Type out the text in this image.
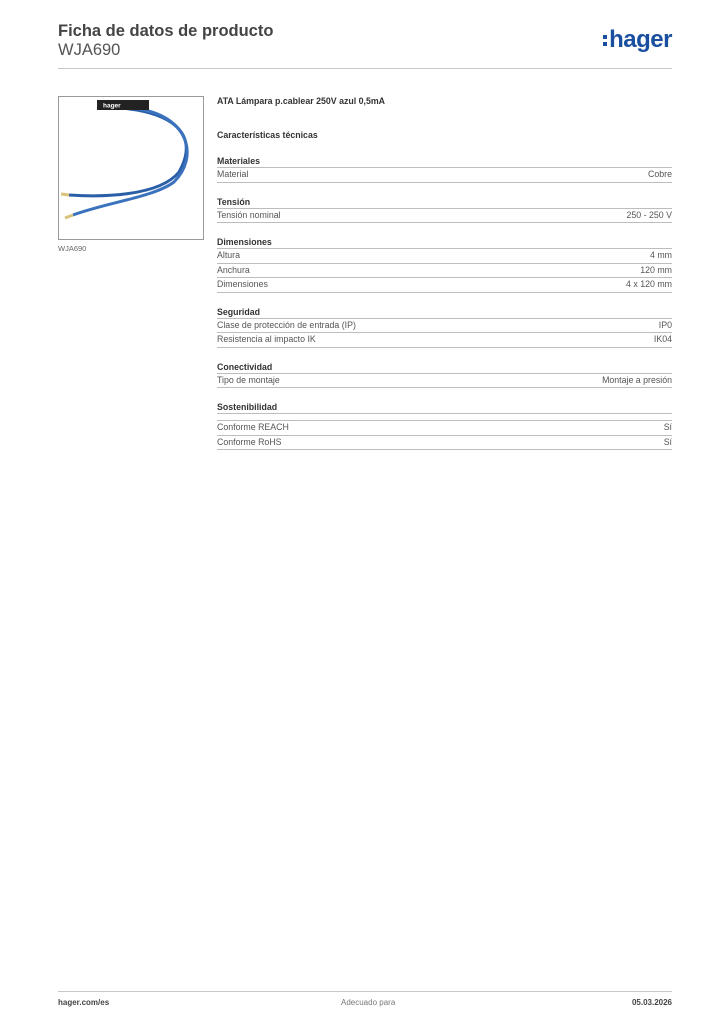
Ficha de datos de producto
WJA690	hager
hager
WJA690
ATA Lámpara p.cablear 250V azul 0,5mA
Características técnicas
Materiales
Material	Cobre
Tensión
Tensión nominal	250 - 250 V
Dimensiones
Altura	4 mm
Anchura	120 mm
Dimensiones	4 x 120 mm
Seguridad
Clase de protección de entrada (IP)	IP0
Resistencia al impacto IK	IK04
Conectividad
Tipo de montaje	Montaje a presión
Sostenibilidad
Conforme REACH	Sí
Conforme RoHS	Sí
hager.com/es	Adecuado para	05.03.2026
